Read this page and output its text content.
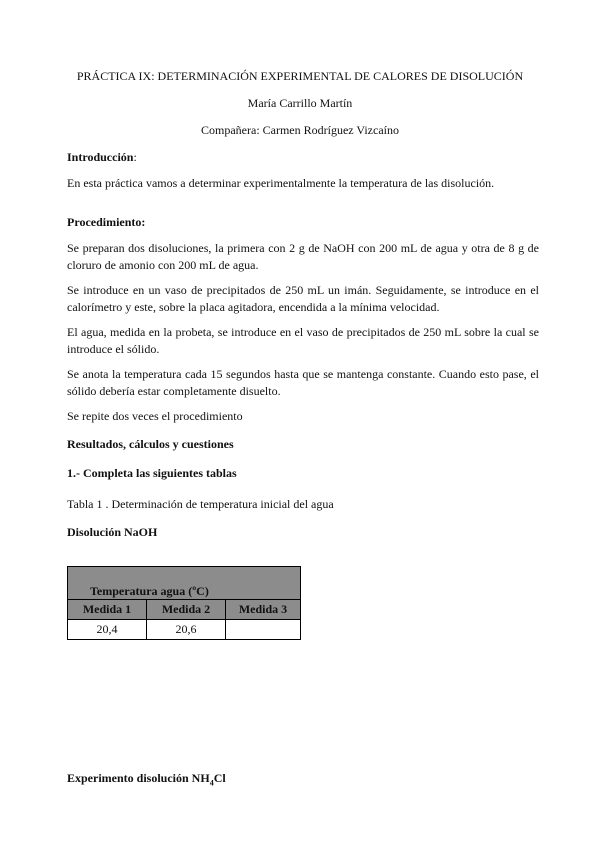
PRÁCTICA IX: DETERMINACIÓN EXPERIMENTAL DE CALORES DE DISOLUCIÓN
María Carrillo Martín
Compañera: Carmen Rodríguez Vizcaíno
Introducción:
En esta práctica vamos a determinar experimentalmente la temperatura de las disolución.
Procedimiento:
Se preparan dos disoluciones, la primera con 2 g de NaOH con 200 mL de agua y otra de 8 g de cloruro de amonio con 200 mL de agua.
Se introduce en un vaso de precipitados de 250 mL un imán. Seguidamente, se introduce en el calorímetro y este, sobre la placa agitadora, encendida a la mínima velocidad.
El agua, medida en la probeta, se introduce en el vaso de precipitados de 250 mL sobre la cual se introduce el sólido.
Se anota la temperatura cada 15 segundos hasta que se mantenga constante. Cuando esto pase, el sólido debería estar completamente disuelto.
Se repite dos veces el procedimiento
Resultados, cálculos y cuestiones
1.- Completa las siguientes tablas
Tabla 1 . Determinación de temperatura inicial del agua
Disolución NaOH
Temperatura agua (ºC)		
Medida 1	Medida 2	Medida 3
20,4	20,6	
Experimento disolución $NH_4Cl$
